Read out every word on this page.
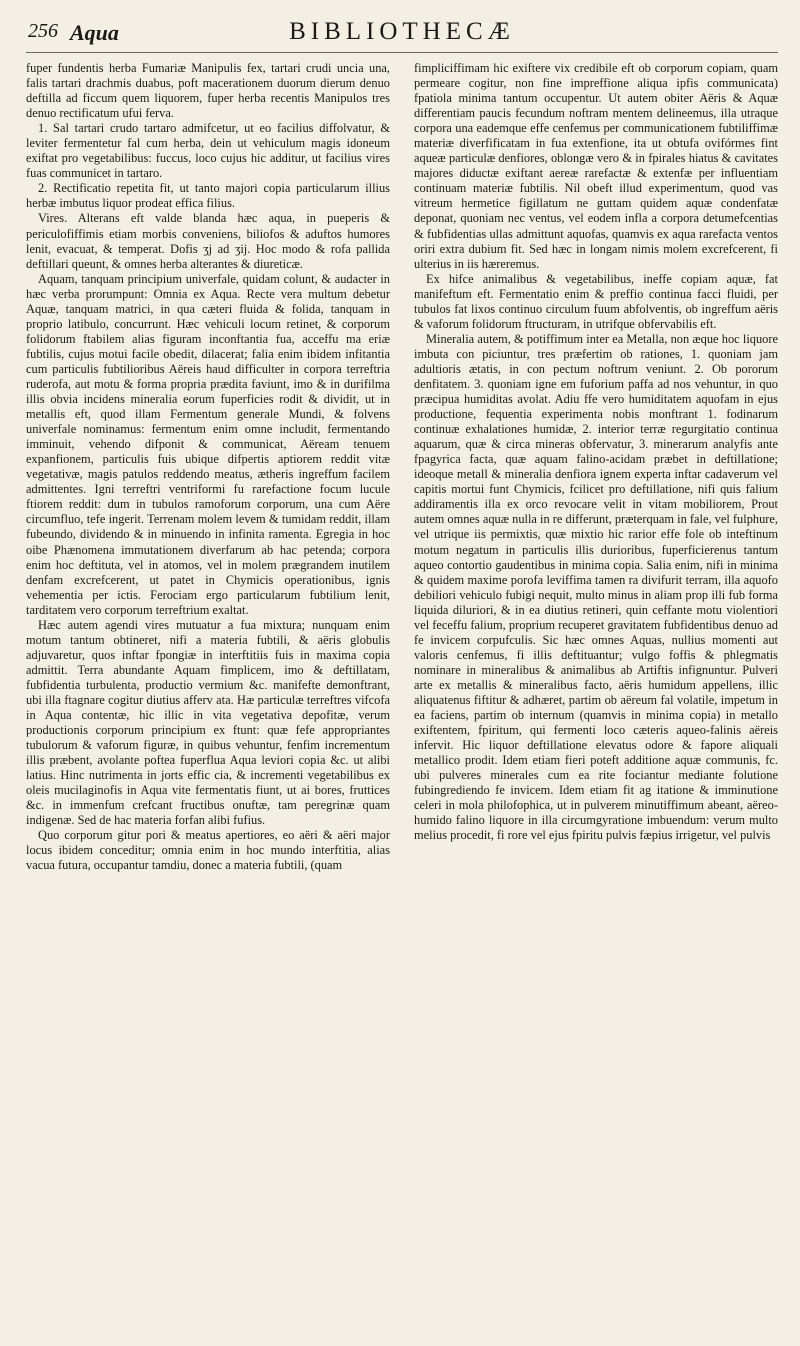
256 Aqua	BIBLIOTHECÆ

fuper fundentis herba Fumariæ Manipulis fex, tartari crudi uncia una, falis tartari drachmis duabus, poft macerationem duorum dierum denuo deftilla ad ficcum quem liquorem, fuper herba recentis Manipulos tres denuo rectificatum ufui ferva.

1. Sal tartari crudo tartaro admifcetur, ut eo facilius diffolvatur, & leviter fermentetur fal cum herba, dein ut vehiculum magis idoneum exiftat pro vegetabilibus: fuccus, loco cujus hic additur, ut facilius vires fuas communicet in tartaro.

2. Rectificatio repetita fit, ut tanto majori copia particularum illius herbæ imbutus liquor prodeat effica filius.

Vires. Alterans eft valde blanda hæc aqua, in pueperis & periculofiffimis etiam morbis conveniens, biliofos & aduftos humores lenit, evacuat, & temperat. Dofis ʒj ad ʒij. Hoc modo & rofa pallida deftillari queunt, & omnes herba alterantes & diureticæ.

Aquam, tanquam principium univerfale, quidam colunt, & audacter in hæc verba prorumpunt: Omnia ex Aqua. Recte vera multum debetur Aquæ, tanquam matrici, in qua cæteri fluida & folida, tanquam in proprio latibulo, concurrunt. Hæc vehiculi locum retinet, & corporum folidorum ftabilem alias figuram inconftantia fua, acceffu ma eriæ fubtilis, cujus motui facile obedit, dilacerat; falia enim ibidem infitantia cum particulis fubtilioribus Aëreis haud difficulter in corpora terreftria ruderofa, aut motu & forma propria prædita faviunt, imo & in durifilma illis obvia incidens mineralia eorum fuperficies rodit & dividit, ut in metallis eft, quod illam Fermentum generale Mundi, & folvens univerfale nominamus: fermentum enim omne includit, fermentando imminuit, vehendo difponit & communicat, Aëream tenuem expanfionem, particulis fuis ubique difpertis aptiorem reddit vitæ vegetativæ, magis patulos reddendo meatus, ætheris ingreffum facilem admittentes. Igni terreftri ventriformi fu rarefactione focum lucule ftiorem reddit: dum in tubulos ramoforum corporum, una cum Aëre circumfluo, tefe ingerit. Terrenam molem levem & tumidam reddit, illam fubeundo, dividendo & in minuendo in infinita ramenta. Egregia in hoc oibe Phænomena immutationem diverfarum ab hac petenda; corpora enim hoc deftituta, vel in atomos, vel in molem prægrandem inutilem denfam excrefcerent, ut patet in Chymicis operationibus, ignis vehementia per ictis. Ferociam ergo particularum fubtilium lenit, tarditatem vero corporum terreftrium exaltat.

Hæc autem agendi vires mutuatur a fua mixtura; nunquam enim motum tantum obtineret, nifi a materia fubtili, & aëris globulis adjuvaretur, quos inftar fpongiæ in interftitiis fuis in maxima copia admittit. Terra abundante Aquam fimplicem, imo & deftillatam, fubfidentia turbulenta, productio vermium &c. manifefte demonftrant, ubi illa ftagnare cogitur diutius afferv ata. Hæ particulæ terreftres vifcofa in Aqua contentæ, hic illic in vita vegetativa depofitæ, verum productionis corporum principium ex ftunt: quæ fefe appropriantes tubulorum & vaforum figuræ, in quibus vehuntur, fenfim incrementum illis præbent, avolante poftea fuperflua Aqua leviori copia &c. ut alibi latius. Hinc nutrimenta in jorts effic cia, & incrementi vegetabilibus ex oleis mucilaginofis in Aqua vite fermentatis fiunt, ut ai bores, fruttices &c. in immenfum crefcant fructibus onuftæ, tam peregrinæ quam indigenæ. Sed de hac materia forfan alibi fufius.

Quo corporum gitur pori & meatus apertiores, eo aëri & aëri major locus ibidem conceditur; omnia enim in hoc mundo interftitia, alias vacua futura, occupantur tamdiu, donec a materia fubtili, (quam

fimpliciffimam hic exiftere vix credibile eft ob corporum copiam, quam permeare cogitur, non fine impreffione aliqua ipfis communicata) fpatiola minima tantum occupentur. Ut autem obiter Aëris & Aquæ differentiam paucis fecundum noftram mentem delineemus, illa utraque corpora una eademque effe cenfemus per communicationem fubtiliffimæ materiæ diverfificatam in fua extenfione, ita ut obtufa ovifórmes fint aqueæ particulæ denfiores, oblongæ vero & in fpirales hiatus & cavitates majores diductæ exiftant aereæ rarefactæ & extenfæ per influentiam continuam materiæ fubtilis. Nil obeft illud experimentum, quod vas vitreum hermetice figillatum ne guttam quidem aquæ condenfatæ deponat, quoniam nec ventus, vel eodem infla a corpora detumefcentias & fubfidentias ullas admittunt aquofas, quamvis ex aqua rarefacta ventos oriri extra dubium fit. Sed hæc in longam nimis molem excrefcerent, fi ulterius in iis hæreremus.

Ex hifce animalibus & vegetabilibus, ineffe copiam aquæ, fat manifeftum eft. Fermentatio enim & preffio continua facci fluidi, per tubulos fat lixos continuo circulum fuum abfolventis, ob ingreffum aëris & vaforum folidorum ftructuram, in utrifque obfervabilis eft.

Mineralia autem, & potiffimum inter ea Metalla, non æque hoc liquore imbuta con piciuntur, tres præfertim ob rationes, 1. quoniam jam adultioris ætatis, in con pectum noftrum veniunt. 2. Ob pororum denfitatem. 3. quoniam igne em fuforium paffa ad nos vehuntur, in quo præcipua humiditas avolat. Adiu ffe vero humiditatem aquofam in ejus productione, fequentia experimenta nobis monftrant 1. fodinarum continuæ exhalationes humidæ, 2. interior terræ regurgitatio continua aquarum, quæ & circa mineras obfervatur, 3. minerarum analyfis ante fpagyrica facta, quæ aquam falino-acidam præbet in deftillatione; ideoque metall & mineralia denfiora ignem experta inftar cadaverum vel capitis mortui funt Chymicis, fcilicet pro deftillatione, nifi quis falium addiramentis illa ex orco revocare velit in vitam mobiliorem, Prout autem omnes aquæ nulla in re differunt, præterquam in fale, vel fulphure, vel utrique iis permixtis, quæ mixtio hic rarior effe fole ob inteftinum motum negatum in particulis illis durioribus, fuperficierenus tantum aqueo contortio gaudentibus in minima copia. Salia enim, nifi in minima & quidem maxime porofa leviffima tamen ra divifurit terram, illa aquofo debiliori vehiculo fubigi nequit, multo minus in aliam prop illi fub forma liquida diluriori, & in ea diutius retineri, quin ceffante motu violentiori vel feceffu falium, proprium recuperet gravitatem fubfidentibus denuo ad fe invicem corpufculis. Sic hæc omnes Aquas, nullius momenti aut valoris cenfemus, fi illis deftituantur; vulgo foffis & phlegmatis nominare in mineralibus & animalibus ab Artiftis infignuntur. Pulveri arte ex metallis & mineralibus facto, aëris humidum appellens, illic aliquatenus fiftitur & adhæret, partim ob aëreum fal volatile, impetum in ea faciens, partim ob internum (quamvis in minima copia) in metallo exiftentem, fpiritum, qui fermenti loco cæteris aqueo-falinis aëreis infervit. Hic liquor deftillatione elevatus odore & fapore aliquali metallico prodit. Idem etiam fieri poteft additione aquæ communis, fc. ubi pulveres minerales cum ea rite fociantur mediante folutione fubingrediendo fe invicem. Idem etiam fit ag itatione & imminutione celeri in mola philofophica, ut in pulverem minutiffimum abeant, aëreo-humido falino liquore in illa circumgyratione imbuendum: verum multo melius procedit, fi rore vel ejus fpiritu pulvis fæpius irrigetur, vel pulvis
